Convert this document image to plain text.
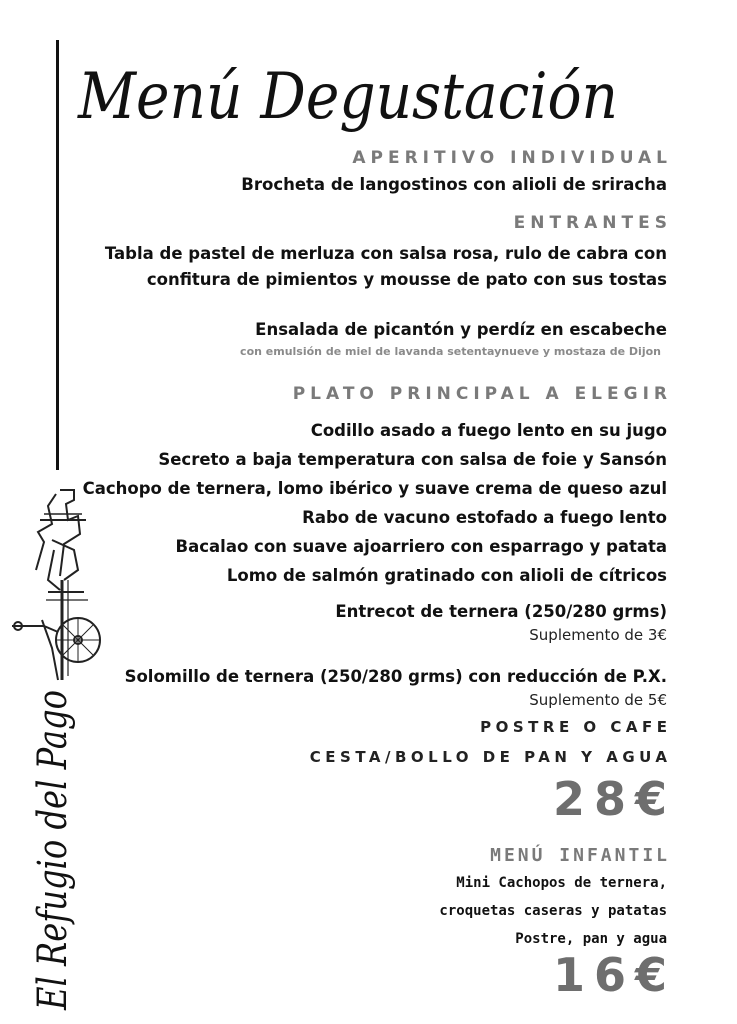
Menú Degustación
APERITIVO INDIVIDUAL
Brocheta de langostinos con alioli de sriracha
ENTRANTES
Tabla de pastel de merluza con salsa rosa, rulo de cabra con
confitura de pimientos y mousse de pato con sus tostas
Ensalada de picantón y perdíz en escabeche
con emulsión de miel de lavanda setentaynueve y mostaza de Dijon
PLATO PRINCIPAL A ELEGIR
Codillo asado a fuego lento en su jugo
Secreto a baja temperatura con salsa de foie y Sansón
Cachopo de ternera, lomo ibérico y suave crema de queso azul
Rabo de vacuno estofado a fuego lento
Bacalao con suave ajoarriero con esparrago y patata
Lomo de salmón gratinado con alioli de cítricos
Entrecot de ternera (250/280 grms)
Suplemento de 3€
Solomillo de ternera (250/280 grms) con reducción de P.X.
Suplemento de 5€
POSTRE O CAFE
CESTA/BOLLO DE PAN Y AGUA
28€
MENÚ INFANTIL
Mini Cachopos de ternera,
croquetas caseras y patatas
Postre, pan y agua
16€
El Refugio del Pago
